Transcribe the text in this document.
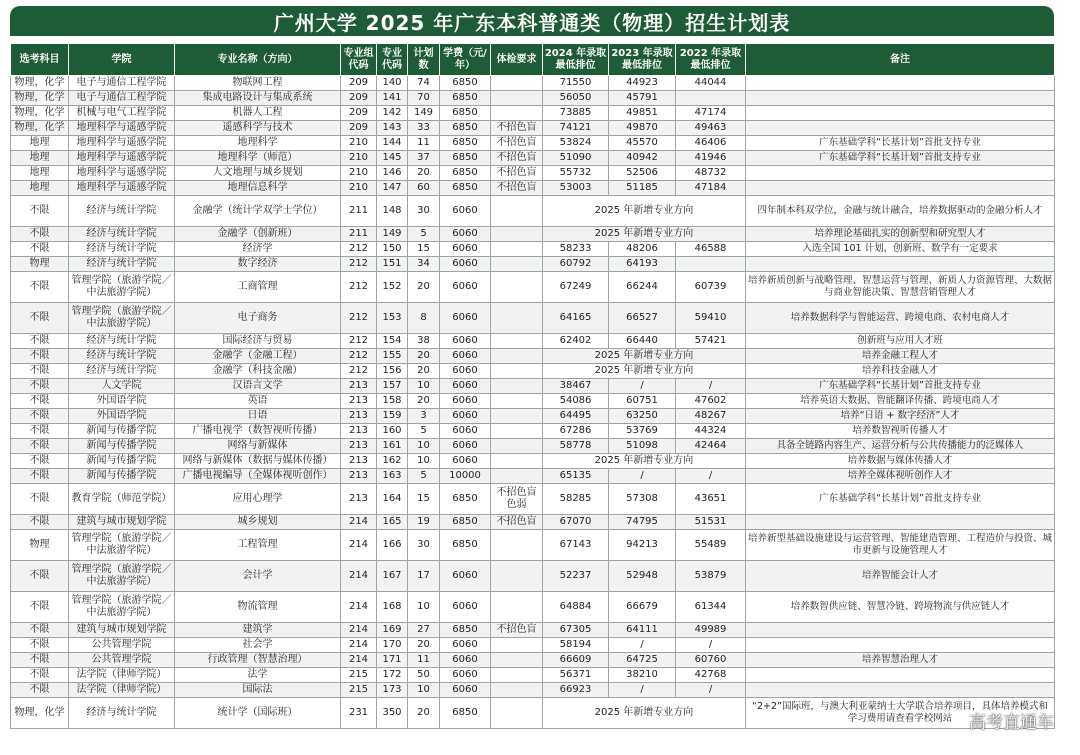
广州大学 2025 年广东本科普通类（物理）招生计划表
选考科目	学院	专业名称（方向）	专业组代码	专业代码	计划数	学费（元/年）	体检要求	2024 年录取最低排位	2023 年录取最低排位	2022 年录取最低排位	备注
物理，化学	电子与通信工程学院	物联网工程	209	140	74	6850		71550	44923	44044	
物理，化学	电子与通信工程学院	集成电路设计与集成系统	209	141	70	6850		56050	45791		
物理，化学	机械与电气工程学院	机器人工程	209	142	149	6850		73885	49851	47174	
物理，化学	地理科学与遥感学院	遥感科学与技术	209	143	33	6850	不招色盲	74121	49870	49463	
地理	地理科学与遥感学院	地理科学	210	144	11	6850	不招色盲	53824	45570	46406	广东基础学科“长基计划”首批支持专业
地理	地理科学与遥感学院	地理科学（师范）	210	145	37	6850	不招色盲	51090	40942	41946	广东基础学科“长基计划”首批支持专业
地理	地理科学与遥感学院	人文地理与城乡规划	210	146	20	6850	不招色盲	55732	52506	48732	
地理	地理科学与遥感学院	地理信息科学	210	147	60	6850	不招色盲	53003	51185	47184	
不限	经济与统计学院	金融学（统计学双学士学位）	211	148	30	6060		2025 年新增专业方向			四年制本科双学位，金融与统计融合，培养数据驱动的金融分析人才
不限	经济与统计学院	金融学（创新班）	211	149	5	6060		2025 年新增专业方向			培养理论基础扎实的创新型和研究型人才
不限	经济与统计学院	经济学	212	150	15	6060		58233	48206	46588	入选全国 101 计划，创新班、数学有一定要求
物理	经济与统计学院	数字经济	212	151	34	6060		60792	64193		
不限	管理学院（旅游学院／中法旅游学院）	工商管理	212	152	20	6060		67249	66244	60739	培养新质创新与战略管理、智慧运营与管理、新质人力资源管理、大数据与商业智能决策、智慧营销管理人才
不限	管理学院（旅游学院／中法旅游学院）	电子商务	212	153	8	6060		64165	66527	59410	培养数据科学与智能运营、跨境电商、农村电商人才
不限	经济与统计学院	国际经济与贸易	212	154	38	6060		62402	66440	57421	创新班与应用人才班
不限	经济与统计学院	金融学（金融工程）	212	155	20	6060		2025 年新增专业方向			培养金融工程人才
不限	经济与统计学院	金融学（科技金融）	212	156	20	6060		2025 年新增专业方向			培养科技金融人才
不限	人文学院	汉语言文学	213	157	10	6060		38467	/	/	广东基础学科“长基计划”首批支持专业
不限	外国语学院	英语	213	158	20	6060		54086	60751	47602	培养英语大数据、智能翻译传播、跨境电商人才
不限	外国语学院	日语	213	159	3	6060		64495	63250	48267	培养“日语 + 数字经济”人才
不限	新闻与传播学院	广播电视学（数智视听传播）	213	160	5	6060		67286	53769	44324	培养数智视听传播人才
不限	新闻与传播学院	网络与新媒体	213	161	10	6060		58778	51098	42464	具备全链路内容生产、运营分析与公共传播能力的泛媒体人
不限	新闻与传播学院	网络与新媒体（数据与媒体传播）	213	162	10	6060		2025 年新增专业方向			培养数据与媒体传播人才
不限	新闻与传播学院	广播电视编导（全媒体视听创作）	213	163	5	10000		65135	/	/	培养全媒体视听创作人才
不限	教育学院（师范学院）	应用心理学	213	164	15	6850	不招色盲色弱	58285	57308	43651	广东基础学科“长基计划”首批支持专业
不限	建筑与城市规划学院	城乡规划	214	165	19	6850	不招色盲	67070	74795	51531	
物理	管理学院（旅游学院／中法旅游学院）	工程管理	214	166	30	6850		67143	94213	55489	培养新型基础设施建设与运营管理、智能建造管理、工程造价与投资、城市更新与设施管理人才
不限	管理学院（旅游学院／中法旅游学院）	会计学	214	167	17	6060		52237	52948	53879	培养智能会计人才
不限	管理学院（旅游学院／中法旅游学院）	物流管理	214	168	10	6060		64884	66679	61344	培养数智供应链、智慧冷链、跨境物流与供应链人才
不限	建筑与城市规划学院	建筑学	214	169	27	6850	不招色盲	67305	64111	49989	
不限	公共管理学院	社会学	214	170	20	6060		58194	/	/	
不限	公共管理学院	行政管理（智慧治理）	214	171	11	6060		66609	64725	60760	培养智慧治理人才
不限	法学院（律师学院）	法学	215	172	50	6060		56371	38210	42768	
不限	法学院（律师学院）	国际法	215	173	10	6060		66923	/	/	
物理，化学	经济与统计学院	统计学（国际班）	231	350	20	6850		2025 年新增专业方向			“2+2”国际班，与澳大利亚蒙纳士大学联合培养项目，具体培养模式和学习费用请查看学校网站 高考直通车
